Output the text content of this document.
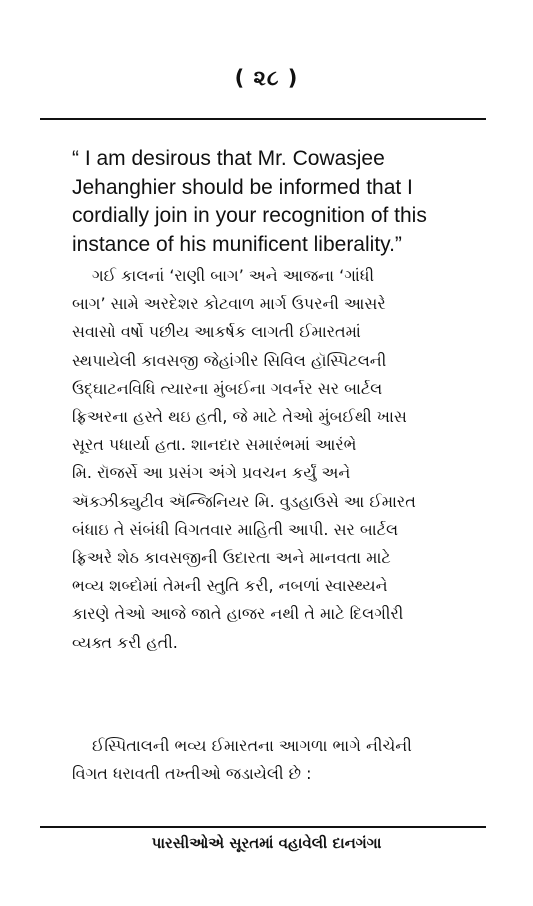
( ૨૮ )
“ I am desirous that Mr. Cowasjee
Jehanghier should be informed that I
cordially join in your recognition of this
instance of his munificent liberality.”
ગઈ કાલનાં ‘રાણી બાગ’ અને આજના ‘ગાંધી
બાગ’ સામે અરદેશર કોટવાળ માર્ગ ઉપરની આસરે
સવાસો વર્ષો પછીય આકર્ષક લાગતી ઈમારતમાં
સ્થપાયેલી કાવસજી જેહાંગીર સિવિલ હૉસ્પિટલની
ઉદ્‌ઘાટનવિધિ ત્યારના મુંબઈના ગવર્નર સર બાર્ટલ
ફ્રિઅરના હસ્તે થઇ હતી, જે માટે તેઓ મુંબઈથી ખાસ
સૂરત પધાર્યા હતા. શાનદાર સમારંભમાં આરંભે
મિ. રૉજર્સે આ પ્રસંગ અંગે પ્રવચન કર્યું અને
ઍક્ઝીક્યુટીવ ઍન્જિનિયર મિ. વુડહાઉસે આ ઈમારત
બંધાઇ તે સંબંધી વિગતવાર માહિતી આપી. સર બાર્ટલ
ફ્રિઅરે શેઠ કાવસજીની ઉદારતા અને માનવતા માટે
ભવ્ય શબ્દોમાં તેમની સ્તુતિ કરી, નબળાં સ્વાસ્થ્યને
કારણે તેઓ આજે જાતે હાજર નથી તે માટે દિલગીરી
વ્યક્ત કરી હતી.
ઈસ્પિતાલની ભવ્ય ઈમારતના આગળા ભાગે નીચેની
વિગત ધરાવતી તખ્તીઓ જડાયેલી છે :
પારસીઓએ સૂરતમાં વહાવેલી દાનગંગા
